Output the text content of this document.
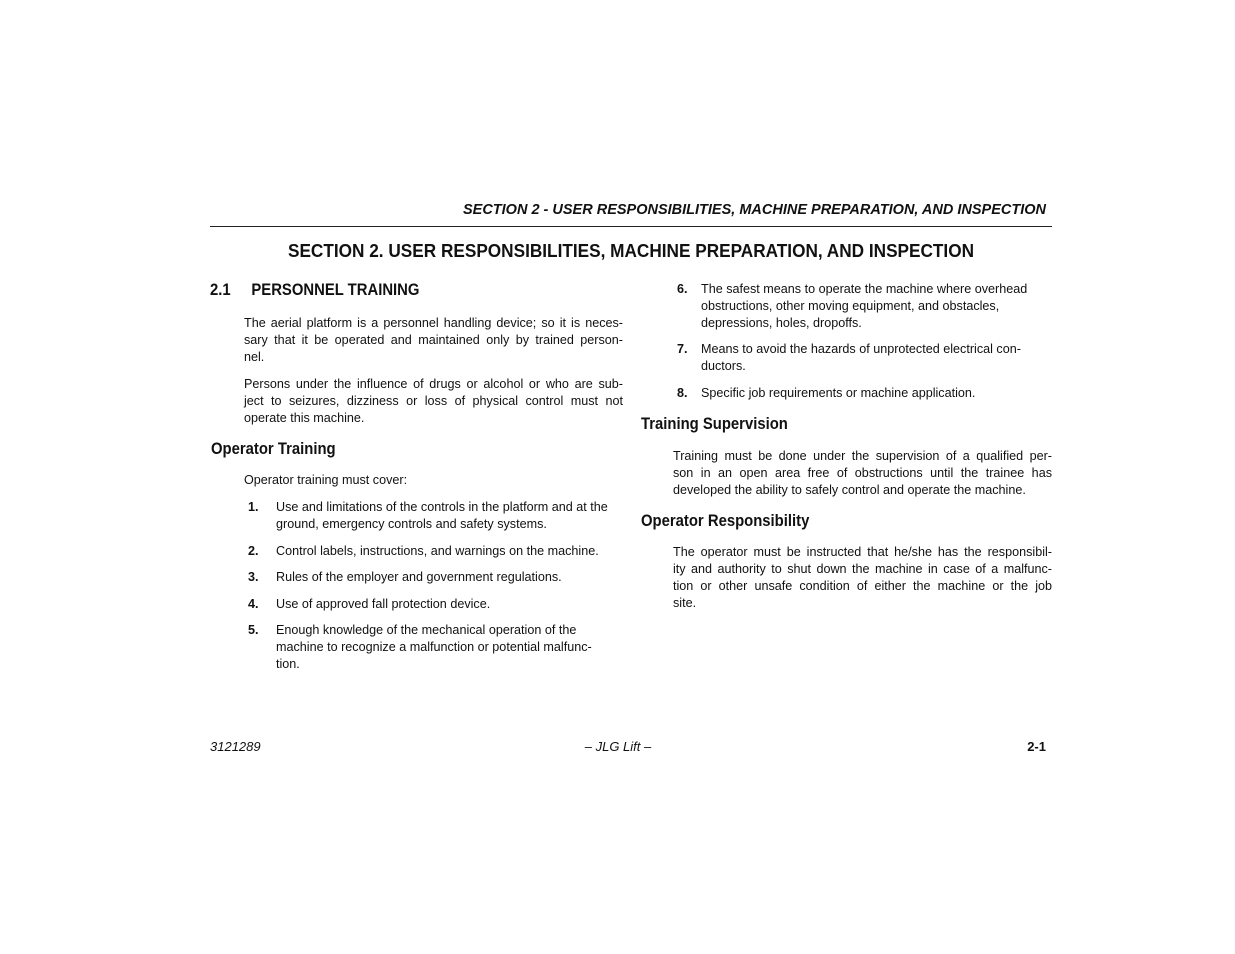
SECTION 2 - USER RESPONSIBILITIES, MACHINE PREPARATION, AND INSPECTION
SECTION 2. USER RESPONSIBILITIES, MACHINE PREPARATION, AND INSPECTION
2.1 PERSONNEL TRAINING
The aerial platform is a personnel handling device; so it is neces-
sary that it be operated and maintained only by trained person-
nel.
Persons under the influence of drugs or alcohol or who are sub-
ject to seizures, dizziness or loss of physical control must not
operate this machine.
Operator Training
Operator training must cover:
1. Use and limitations of the controls in the platform and at the
ground, emergency controls and safety systems.
2. Control labels, instructions, and warnings on the machine.
3. Rules of the employer and government regulations.
4. Use of approved fall protection device.
5. Enough knowledge of the mechanical operation of the
machine to recognize a malfunction or potential malfunc-
tion.
6. The safest means to operate the machine where overhead
obstructions, other moving equipment, and obstacles,
depressions, holes, dropoffs.
7. Means to avoid the hazards of unprotected electrical con-
ductors.
8. Specific job requirements or machine application.
Training Supervision
Training must be done under the supervision of a qualified per-
son in an open area free of obstructions until the trainee has
developed the ability to safely control and operate the machine.
Operator Responsibility
The operator must be instructed that he/she has the responsibil-
ity and authority to shut down the machine in case of a malfunc-
tion or other unsafe condition of either the machine or the job
site.
3121289	– JLG Lift –	2-1
